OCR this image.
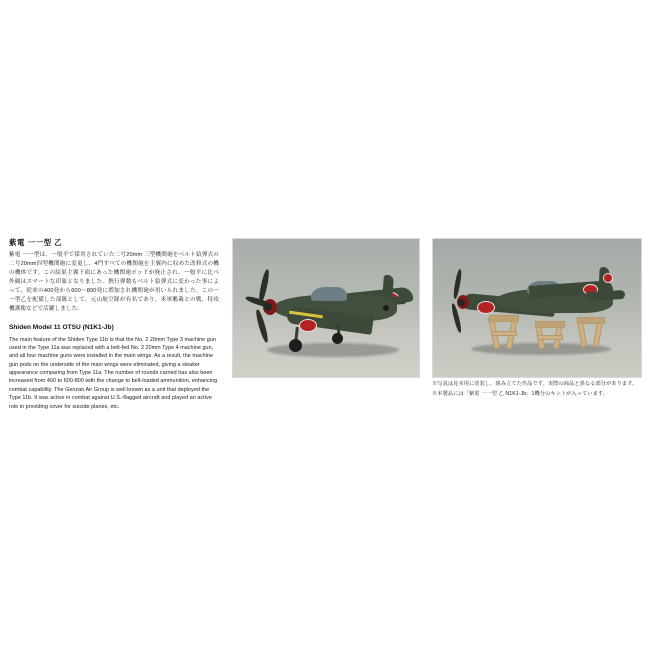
紫電 一一型 乙
紫電 一一型は、一般平で採用されていた二号20mm 三型機関砲をベルト給弾式の二号20mm四型機関砲に変更し、4門すべての機関砲を主翼内に収めた改修式の機の機体です。この結果主翼下面にあった機関砲ポッドが廃止され、一般平に比べ外観はスマートな印象となりました。携行弾数もベルト給弾式に変わった事によって、従来の400発から600〜800発に増加され機関砲が用いられました。この一一型乙を配備した部隊として、元山航空隊が有名であり、米軍艦載との戦、特攻機護衛などで活躍しました。
Shiden Model 11 OTSU (N1K1-Jb)
The main feature of the Shiden Type 11b is that the No. 2 20mm Type 3 machine gun used in the Type 11a was replaced with a belt-fed No. 2 20mm Type 4 machine gun, and all four machine guns were installed in the main wings. As a result, the machine gun pods on the underside of the main wings were eliminated, giving a sleaker appearance comparing from Type 11a. The number of rounds carried has also been increased from 400 to 600-800 with the change to belt-loaded ammunition, enhancing combat capability. The Genzan Air Group is well known as a unit that deployed the Type 11b. It was active in combat against U.S.-flagged aircraft and played an active role in providing cover for suicide planes, etc.

※写真は見本用に塗装し、組み立てた作品です。実際の商品と異なる部分があります。

※本製品には「紫電 一一型 乙 N1K1-Jb」1機分のキットが入っています。
